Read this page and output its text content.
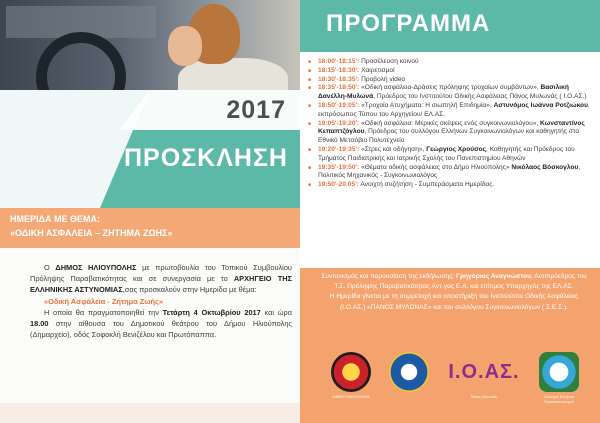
2017
ΠΡΟΣΚΛΗΣΗ
ΗΜΕΡΙΔΑ ΜΕ ΘΕΜΑ:
«ΟΔΙΚΗ ΑΣΦΑΛΕΙΑ – ΖΗΤΗΜΑ ΖΩΗΣ»

Ο ΔΗΜΟΣ ΗΛΙΟΥΠΟΛΗΣ με πρωτοβουλία του Τοπικού Συμβουλίου Πρόληψης Παραβατικότητας και σε συνεργασία με το ΑΡΧΗΓΕΙΟ ΤΗΣ ΕΛΛΗΝΙΚΗΣ ΑΣΤΥΝΟΜΙΑΣ,σας προσκαλούν στην Ημερίδα με θέμα:

«Οδική Ασφάλεια - Ζήτημα Ζωής»

Η οποία θα πραγματοποιηθεί την Τετάρτη 4 Οκτωβρίου 2017 και ώρα 18.00 στην αίθουσα του Δημοτικού θεάτρου του Δήμου Ηλιούπολης (Δημαρχείο), οδός Σοφοκλή Βενιζέλου και Πρωτόπαππα.

ΠΡΟΓΡΑΜΜΑ
■ 18:00'-18:15': Προσέλευση κοινού
■ 18:15'-18:30': Χαιρετισμοί
■ 18:30'-18:35': Προβολή video
■ 18:35'-18:50': «Οδική ασφάλεια-Δράσεις πρόληψης τροχαίων συμβάντων», Βασιλική Δανέλλη-Μυλωνά, Πρόεδρος του Ινστιτούτου Οδικής Ασφάλειας Πάνος Μυλωνάς ( Ι.Ο.ΑΣ.)
■ 18:50'-19:05': «Τροχαία Ατυχήματα: Η σιωπηλή Επιδημία», Αστυνόμος Ιωάννα Ροτζιώκου, εκπρόσωπος Τύπου του Αρχηγείου/ ΕΛ.ΑΣ.
■ 19:05'-19:20': «Οδική ασφάλεια: Μερικές σκέψεις ενός συγκοινωνιολόγου», Κωνσταντίνος Κεπαπτζόγλου, Πρόεδρος του συλλόγου Ελλήνων Συγκοινωνιολόγων και καθηγητής στο Εθνικό Μετσόβιο Πολυτεχνείο
■ 19:20'-19:35': «Στρες και οδήγηση», Γεώργιος Χρούσος, Καθηγητής και Πρόεδρος του Τμήματος Παιδιατρικής και Ιατρικής Σχολής του Πανεπιστημίου Αθηνών
■ 19:35'-19:50': «Θέματα οδικής ασφάλειας στο Δήμο Ηλιούπολης» Νικόλαος Βόσκογλου, Πολιτικός Μηχανικός - Συγκοινωνιολόγος
■ 19:50'-20.05': Ανοιχτή συζήτηση - Συμπεράσματα Ημερίδας.

Συντονισμός και παρουσίαση της εκδήλωσης: Γρηγόριος Αναγνώστου, Αντιπρόεδρος του Τ.Σ. Πρόληψης Παραβατικότητας Αντ-γος Ε.Α. και επίτιμος Υπαρχηγός της ΕΛ.ΑΣ.

Η Ημερίδα γίνεται με τη συμμετοχή και υποστήριξη του Ινστιτούτου Οδικής Ασφάλειας (Ι.Ο.ΑΣ.) «ΠΑΝΟΣ ΜΥΛΩΝΑΣ» και του συλλόγου Συγκοινωνιολόγων ( Σ.Ε.Σ.).

ΔΗΜΟΣ ΗΛΙΟΥΠΟΛΗΣ
Ι.Ο.ΑΣ.
Πάνος Μυλωνάς	Σύλλογος Ελλήνων Συγκοινωνιολόγων
